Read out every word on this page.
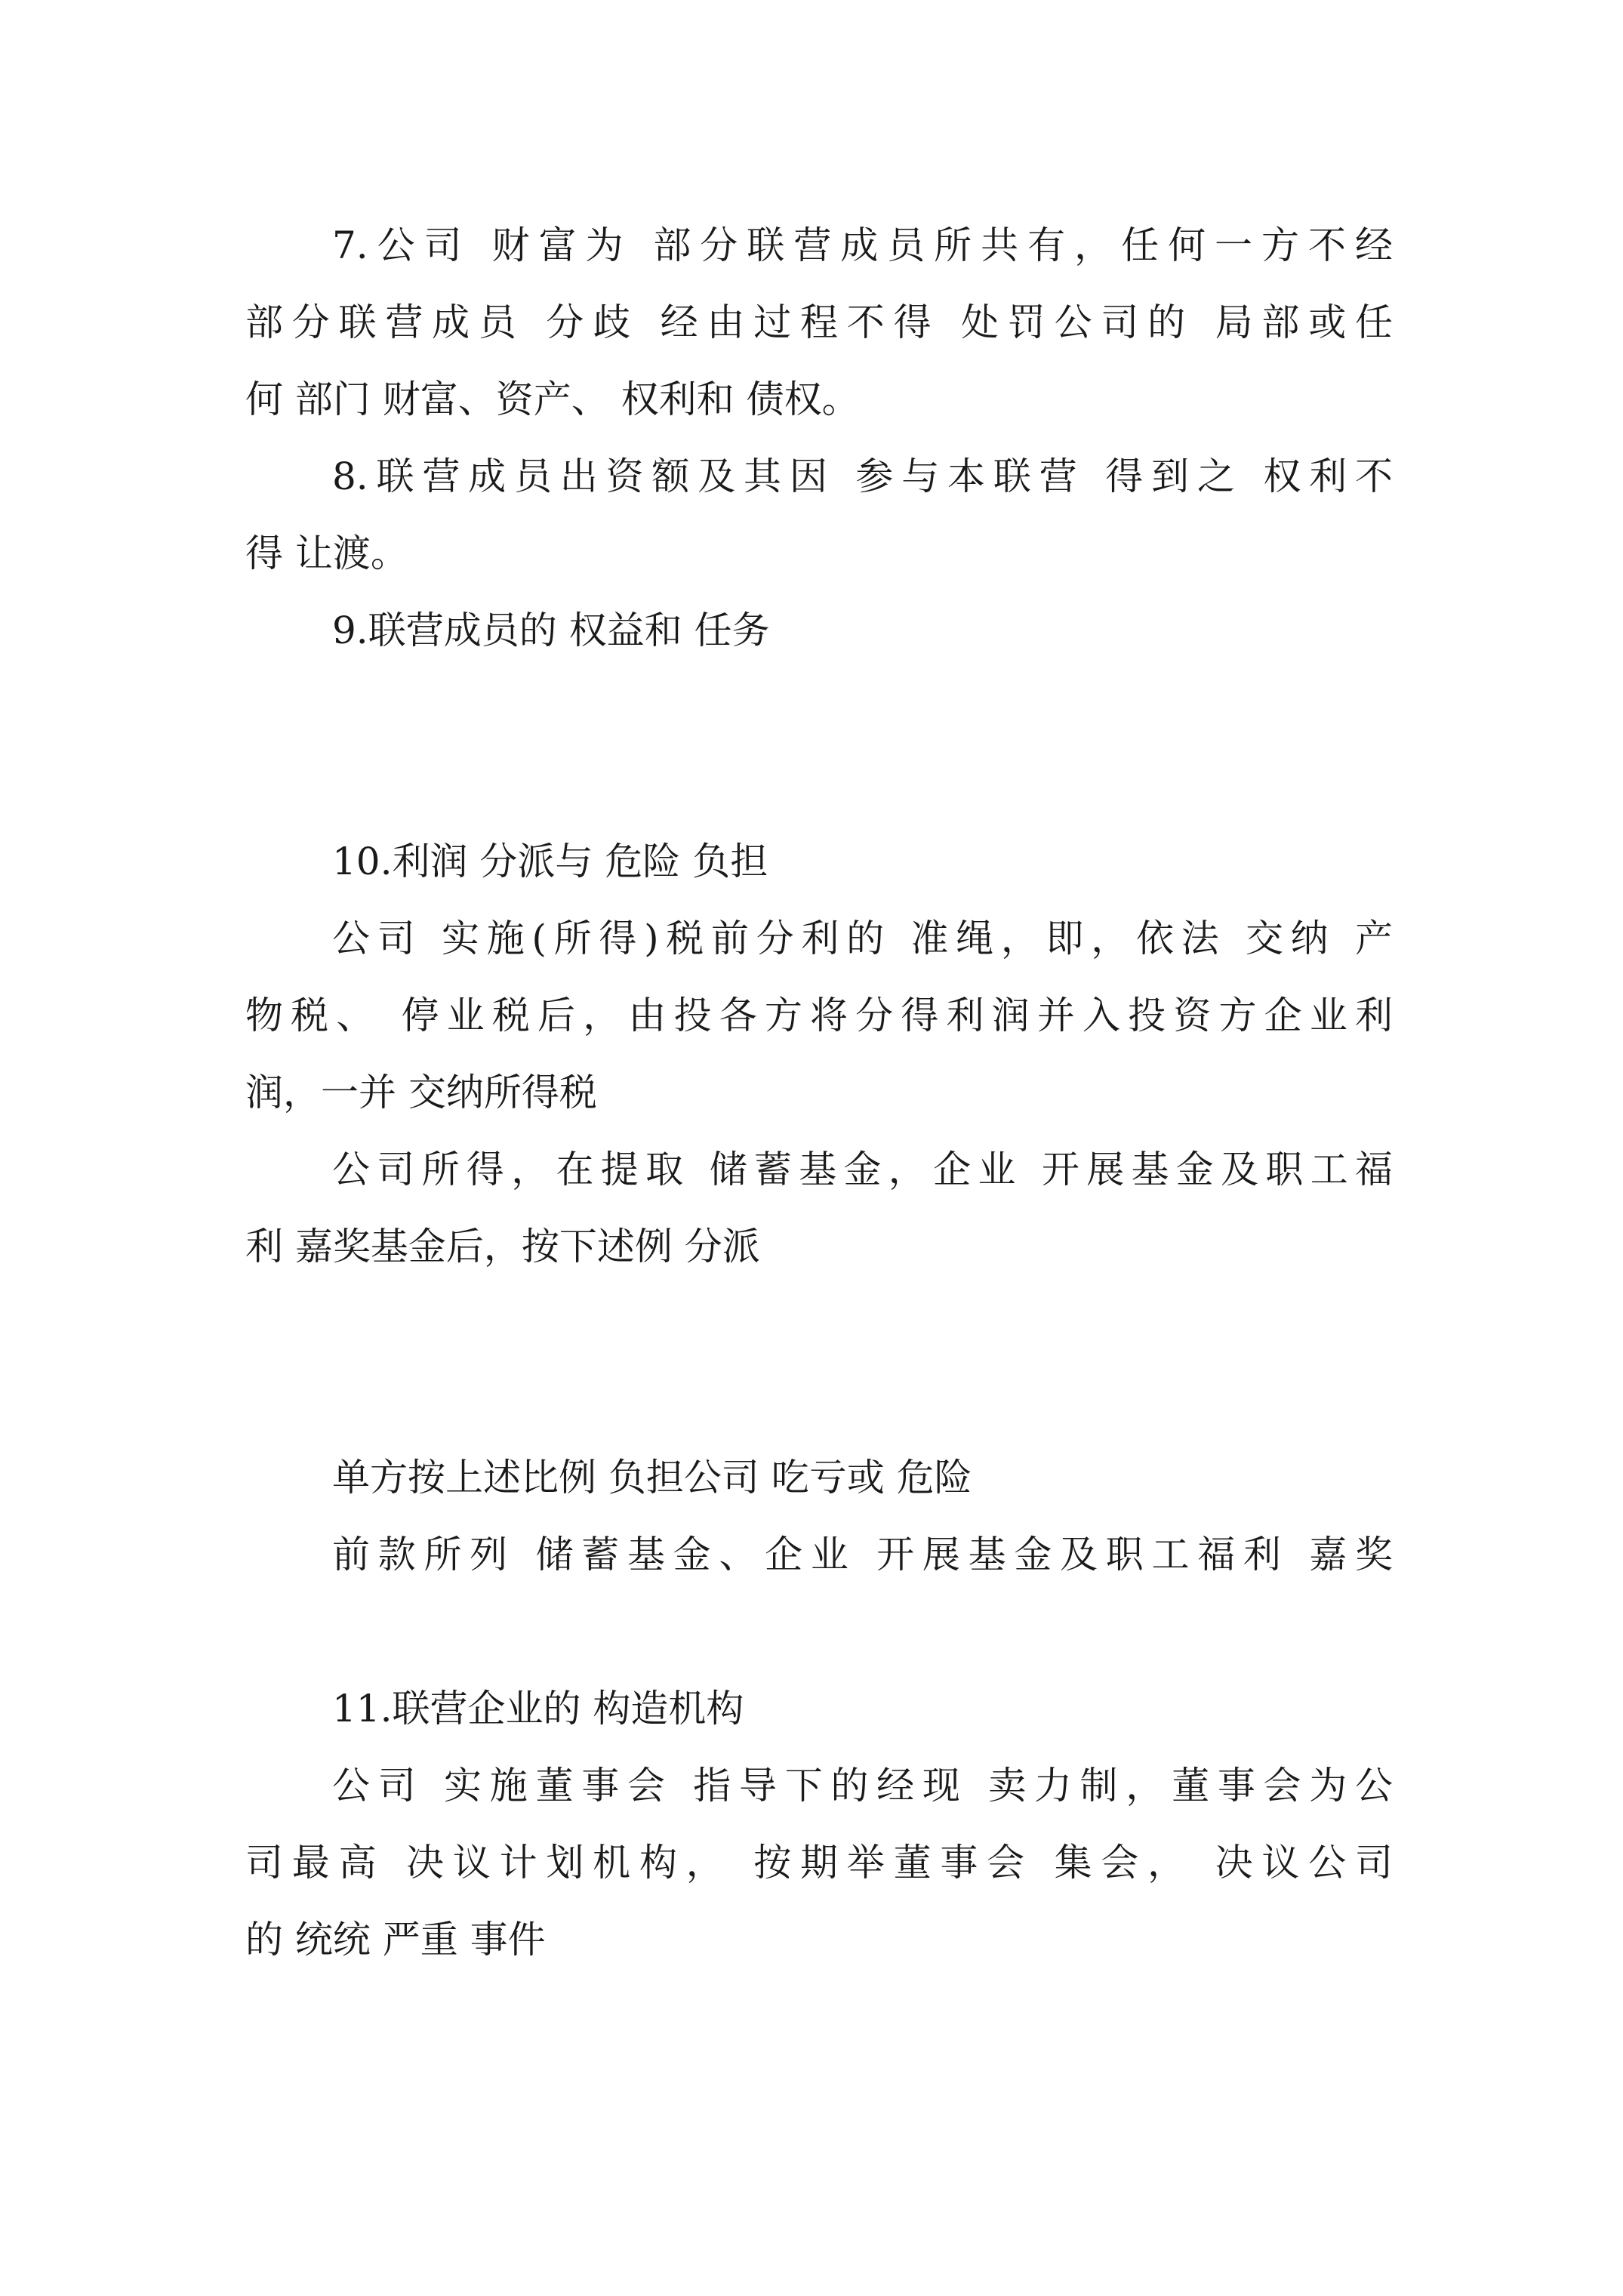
7.公司 财富为 部分联营成员所共有，任何一方不经
部分联营成员 分歧 经由过程不得 处罚公司的 局部或任
何 部门 财富、资产、 权利和 债权。
8.联营成员出资额及其因 参与本联营 得到之 权利不
得 让渡。
9.联营成员的 权益和 任务

10.利润 分派与 危险 负担
公司 实施(所得)税前分利的 准绳，即，依法 交纳 产
物税、 停业税后，由投各方将分得利润并入投资方企业利
润，一并 交纳所得税
公司所得，在提取 储蓄基金，企业 开展基金及职工福
利 嘉奖基金后，按下述例 分派

单方按上述比例 负担公司 吃亏或 危险
前款所列 储蓄基金、企业 开展基金及职工福利 嘉奖

11.联营企业的 构造机构
公司 实施董事会 指导下的经现 卖力制，董事会为公
司最高 决议计划机构， 按期举董事会 集会， 决议公司
的 统统 严重 事件
